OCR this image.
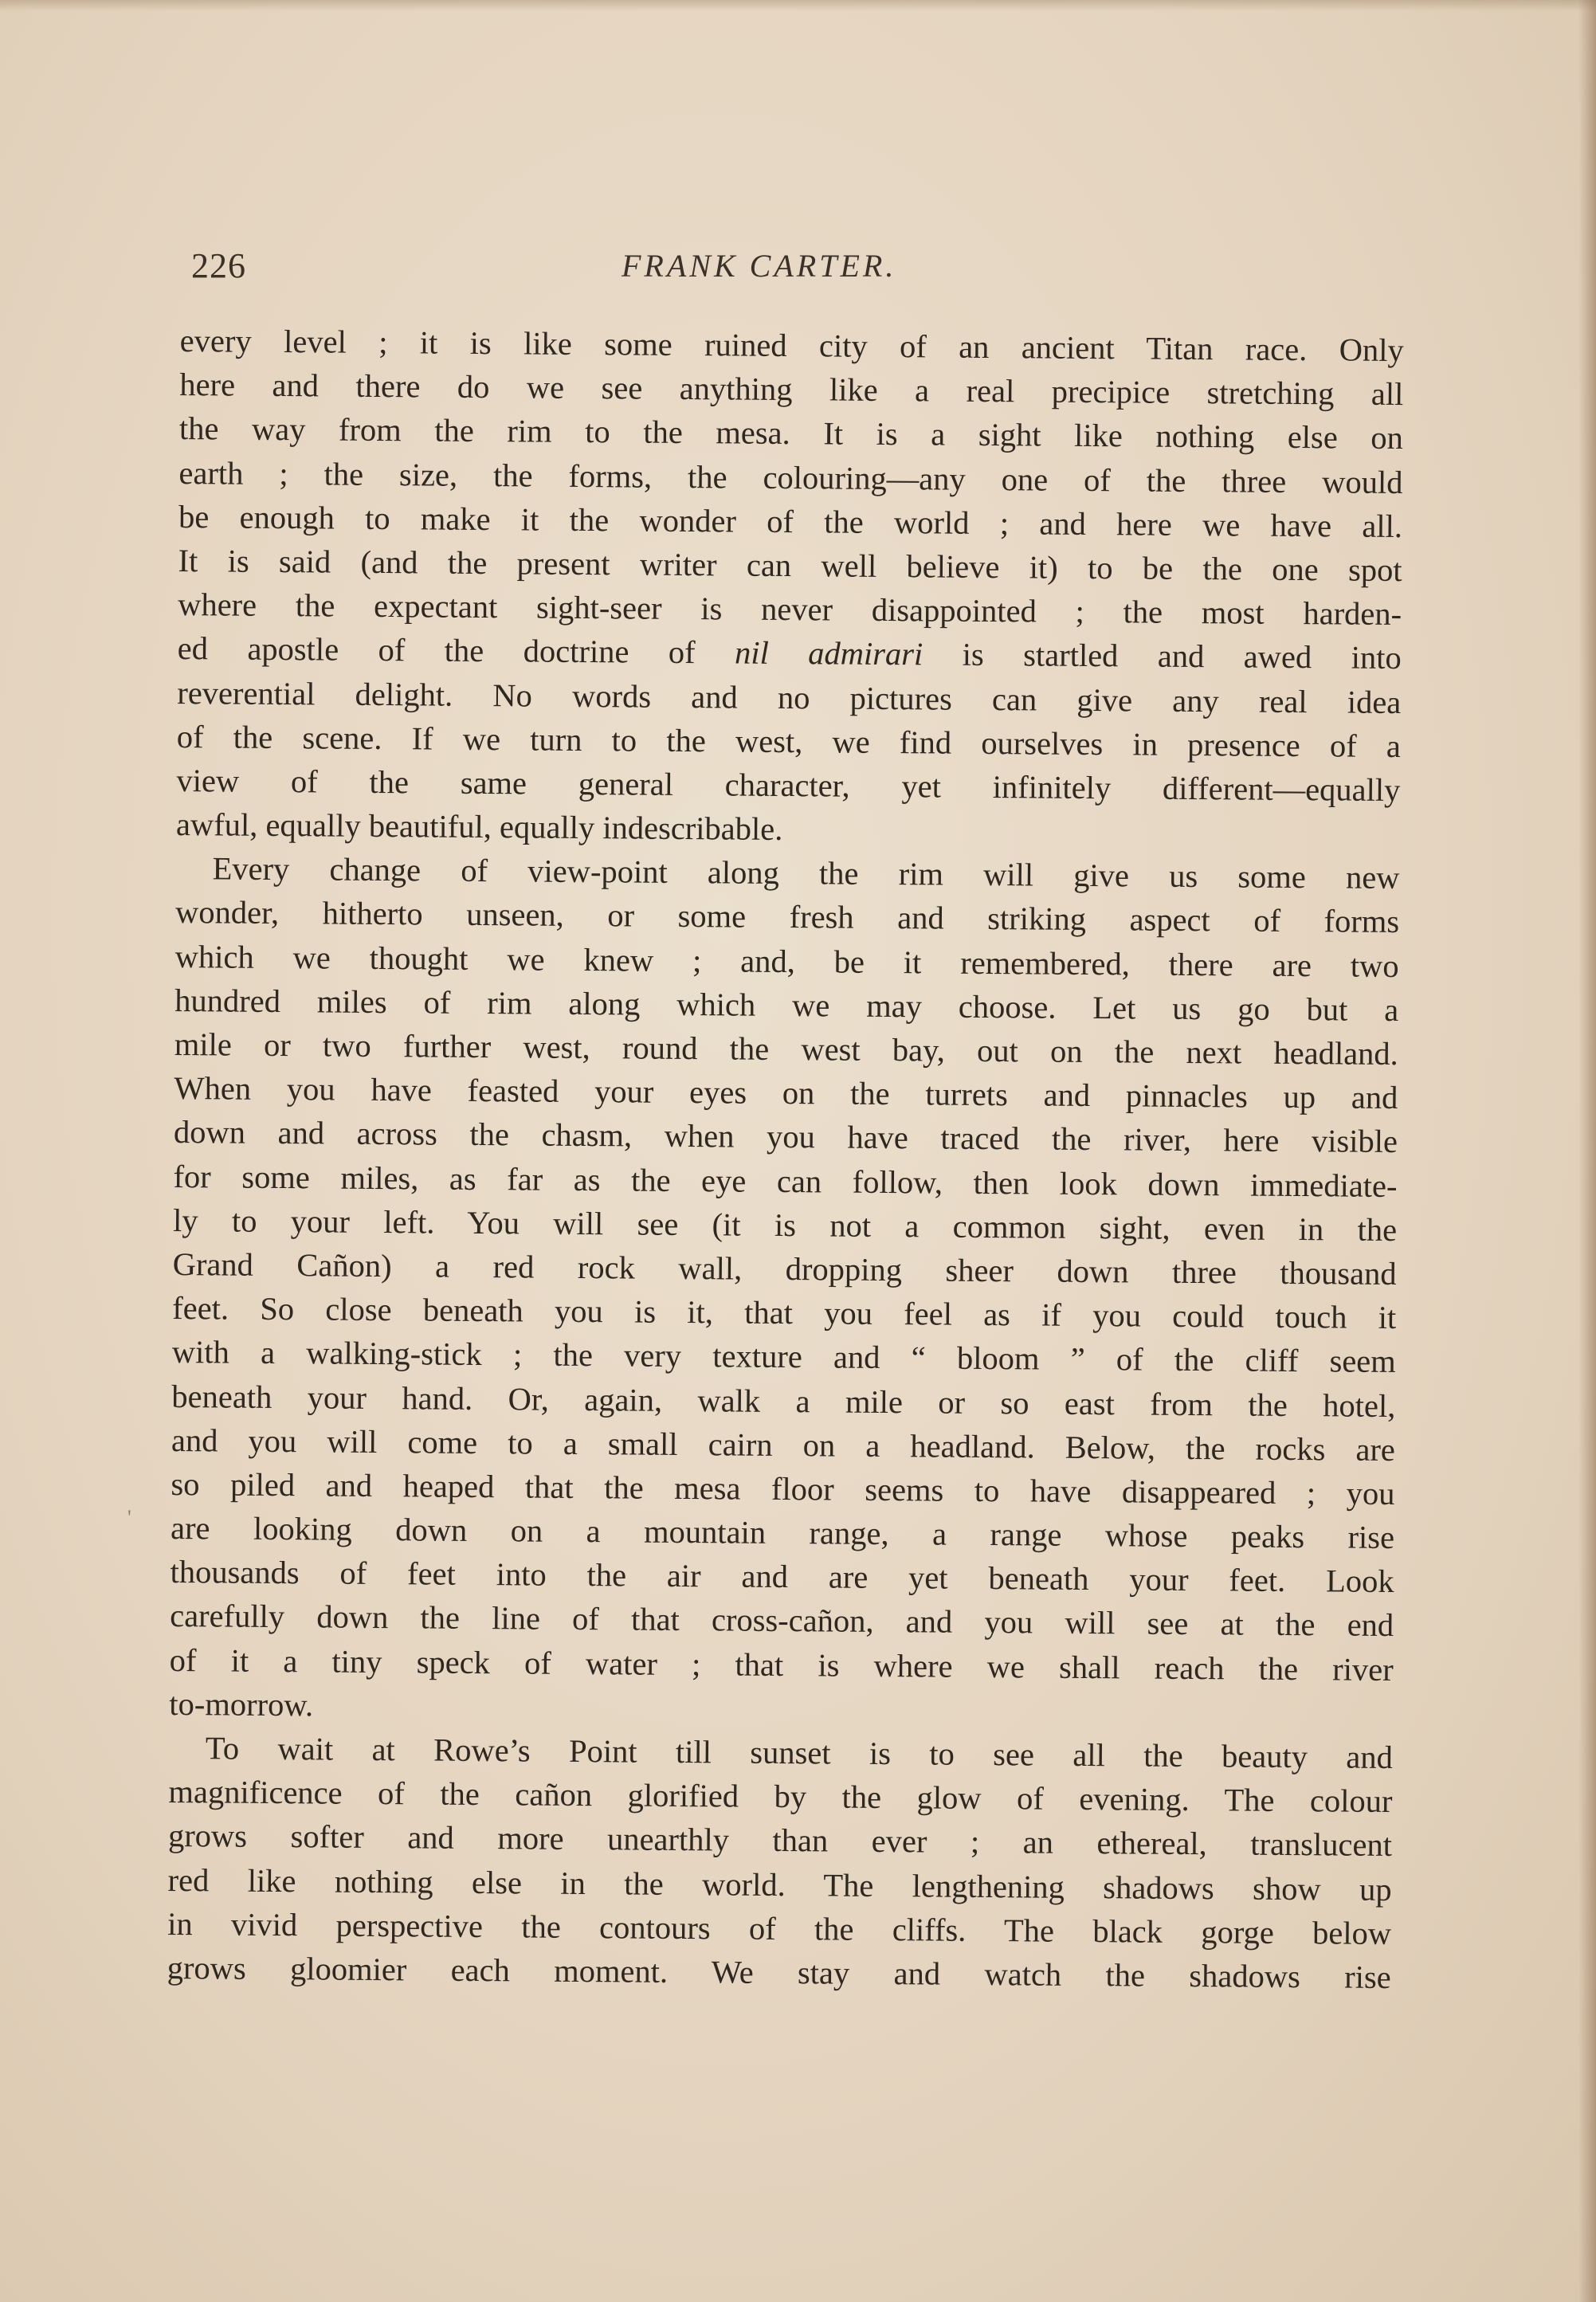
226	FRANK CARTER.
every level ; it is like some ruined city of an ancient Titan race. Only
here and there do we see anything like a real precipice stretching all
the way from the rim to the mesa. It is a sight like nothing else on
earth ; the size, the forms, the colouring—any one of the three would
be enough to make it the wonder of the world ; and here we have all.
It is said (and the present writer can well believe it) to be the one spot
where the expectant sight-seer is never disappointed ; the most harden-
ed apostle of the doctrine of nil admirari is startled and awed into
reverential delight. No words and no pictures can give any real idea
of the scene. If we turn to the west, we find ourselves in presence of a
view of the same general character, yet infinitely different—equally
awful, equally beautiful, equally indescribable.
Every change of view-point along the rim will give us some new
wonder, hitherto unseen, or some fresh and striking aspect of forms
which we thought we knew ; and, be it remembered, there are two
hundred miles of rim along which we may choose. Let us go but a
mile or two further west, round the west bay, out on the next headland.
When you have feasted your eyes on the turrets and pinnacles up and
down and across the chasm, when you have traced the river, here visible
for some miles, as far as the eye can follow, then look down immediate-
ly to your left. You will see (it is not a common sight, even in the
Grand Cañon) a red rock wall, dropping sheer down three thousand
feet. So close beneath you is it, that you feel as if you could touch it
with a walking-stick ; the very texture and “ bloom ” of the cliff seem
beneath your hand. Or, again, walk a mile or so east from the hotel,
and you will come to a small cairn on a headland. Below, the rocks are
so piled and heaped that the mesa floor seems to have disappeared ; you
are looking down on a mountain range, a range whose peaks rise
thousands of feet into the air and are yet beneath your feet. Look
carefully down the line of that cross-cañon, and you will see at the end
of it a tiny speck of water ; that is where we shall reach the river
to-morrow.
To wait at Rowe’s Point till sunset is to see all the beauty and
magnificence of the cañon glorified by the glow of evening. The colour
grows softer and more unearthly than ever ; an ethereal, translucent
red like nothing else in the world. The lengthening shadows show up
in vivid perspective the contours of the cliffs. The black gorge below
grows gloomier each moment. We stay and watch the shadows rise
'
